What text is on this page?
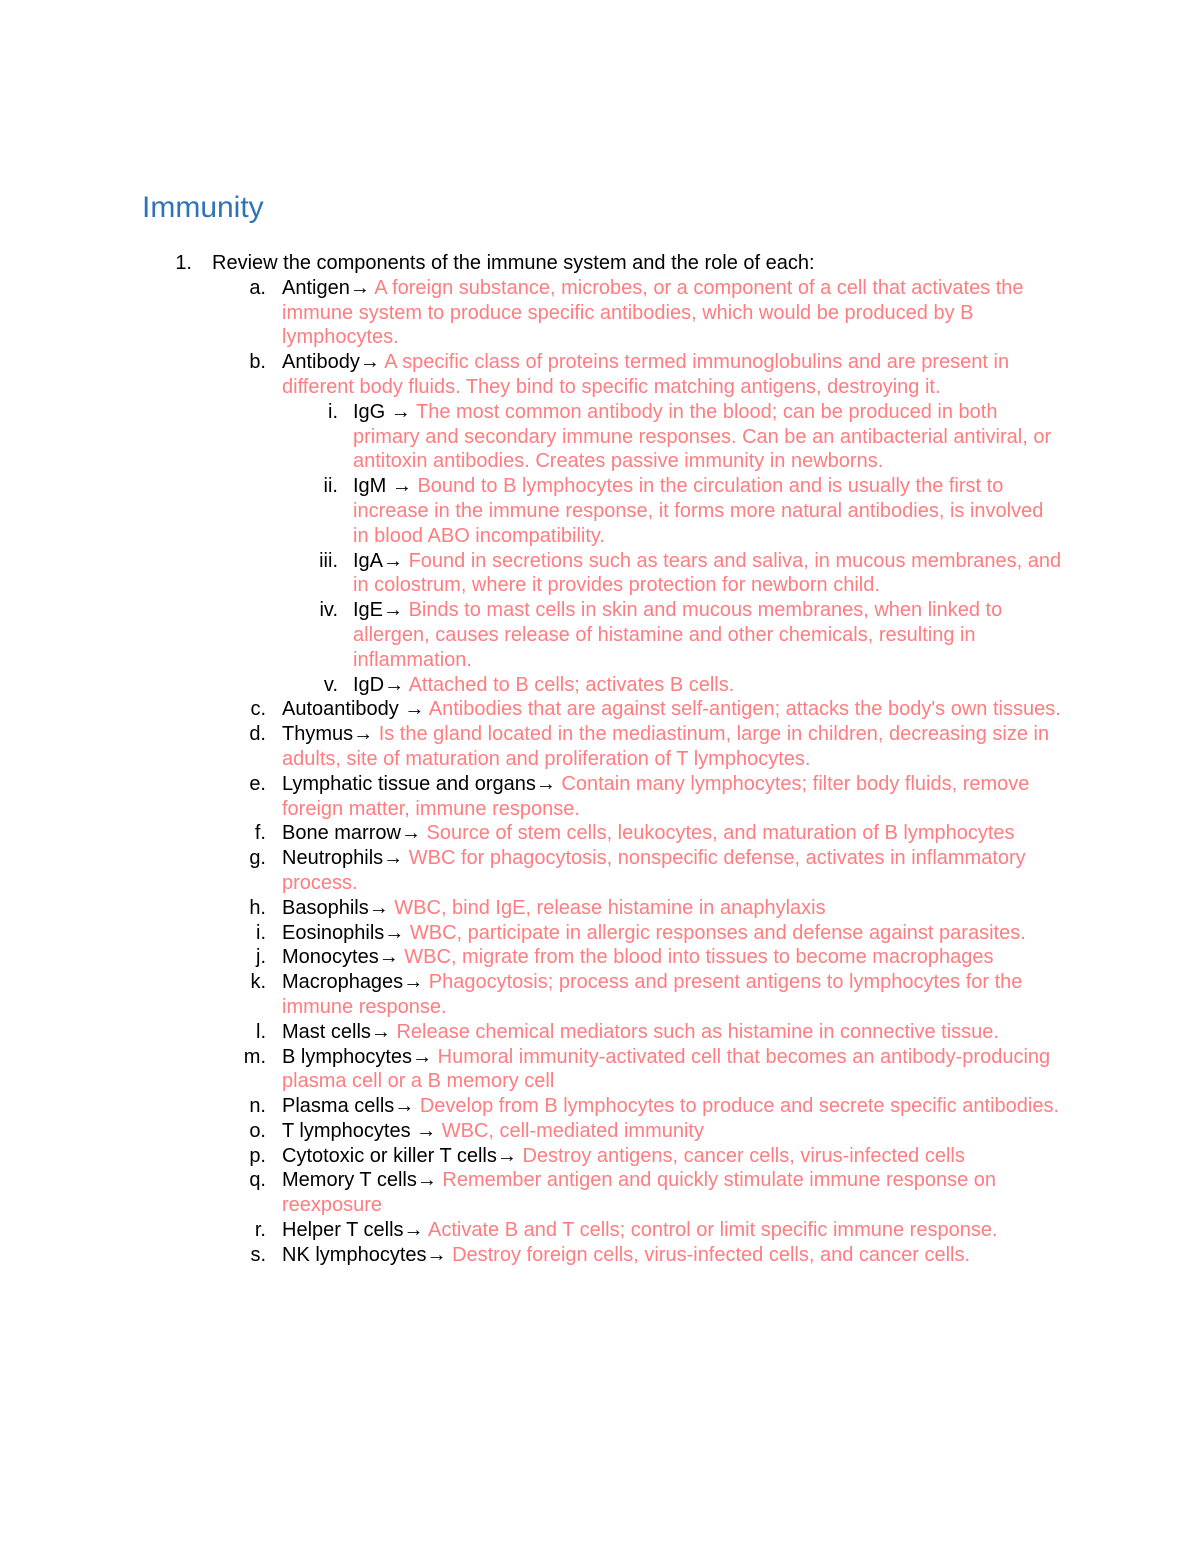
Immunity
1. Review the components of the immune system and the role of each:
a. Antigen→ A foreign substance, microbes, or a component of a cell that activates the immune system to produce specific antibodies, which would be produced by B lymphocytes.
b. Antibody→ A specific class of proteins termed immunoglobulins and are present in different body fluids. They bind to specific matching antigens, destroying it.
i. IgG → The most common antibody in the blood; can be produced in both primary and secondary immune responses. Can be an antibacterial antiviral, or antitoxin antibodies. Creates passive immunity in newborns.
ii. IgM → Bound to B lymphocytes in the circulation and is usually the first to increase in the immune response, it forms more natural antibodies, is involved in blood ABO incompatibility.
iii. IgA→ Found in secretions such as tears and saliva, in mucous membranes, and in colostrum, where it provides protection for newborn child.
iv. IgE→ Binds to mast cells in skin and mucous membranes, when linked to allergen, causes release of histamine and other chemicals, resulting in inflammation.
v. IgD→ Attached to B cells; activates B cells.
c. Autoantibody → Antibodies that are against self-antigen; attacks the body's own tissues.
d. Thymus→ Is the gland located in the mediastinum, large in children, decreasing size in adults, site of maturation and proliferation of T lymphocytes.
e. Lymphatic tissue and organs→ Contain many lymphocytes; filter body fluids, remove foreign matter, immune response.
f. Bone marrow→ Source of stem cells, leukocytes, and maturation of B lymphocytes
g. Neutrophils→ WBC for phagocytosis, nonspecific defense, activates in inflammatory process.
h. Basophils→ WBC, bind IgE, release histamine in anaphylaxis
i. Eosinophils→ WBC, participate in allergic responses and defense against parasites.
j. Monocytes→ WBC, migrate from the blood into tissues to become macrophages
k. Macrophages→ Phagocytosis; process and present antigens to lymphocytes for the immune response.
l. Mast cells→ Release chemical mediators such as histamine in connective tissue.
m. B lymphocytes→ Humoral immunity-activated cell that becomes an antibody-producing plasma cell or a B memory cell
n. Plasma cells→ Develop from B lymphocytes to produce and secrete specific antibodies.
o. T lymphocytes → WBC, cell-mediated immunity
p. Cytotoxic or killer T cells→ Destroy antigens, cancer cells, virus-infected cells
q. Memory T cells→ Remember antigen and quickly stimulate immune response on reexposure
r. Helper T cells→ Activate B and T cells; control or limit specific immune response.
s. NK lymphocytes→ Destroy foreign cells, virus-infected cells, and cancer cells.
